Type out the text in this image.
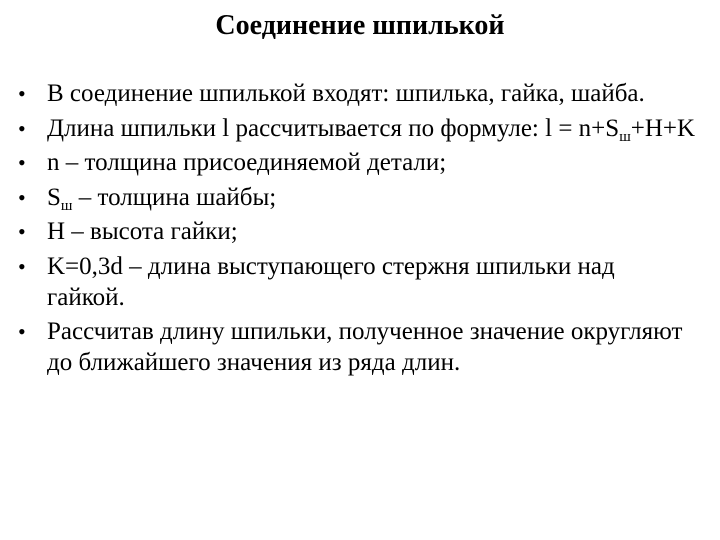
Соединение шпилькой
• В соединение шпилькой входят: шпилька, гайка, шайба.
• Длина шпильки l рассчитывается по формуле: $l = n+S_ш+H+K$
• n – толщина присоединяемой детали;
• $S_ш$ – толщина шайбы;
• H – высота гайки;
• K=0,3d – длина выступающего стержня шпильки над гайкой.
• Рассчитав длину шпильки, полученное значение округляют до ближайшего значения из ряда длин.
